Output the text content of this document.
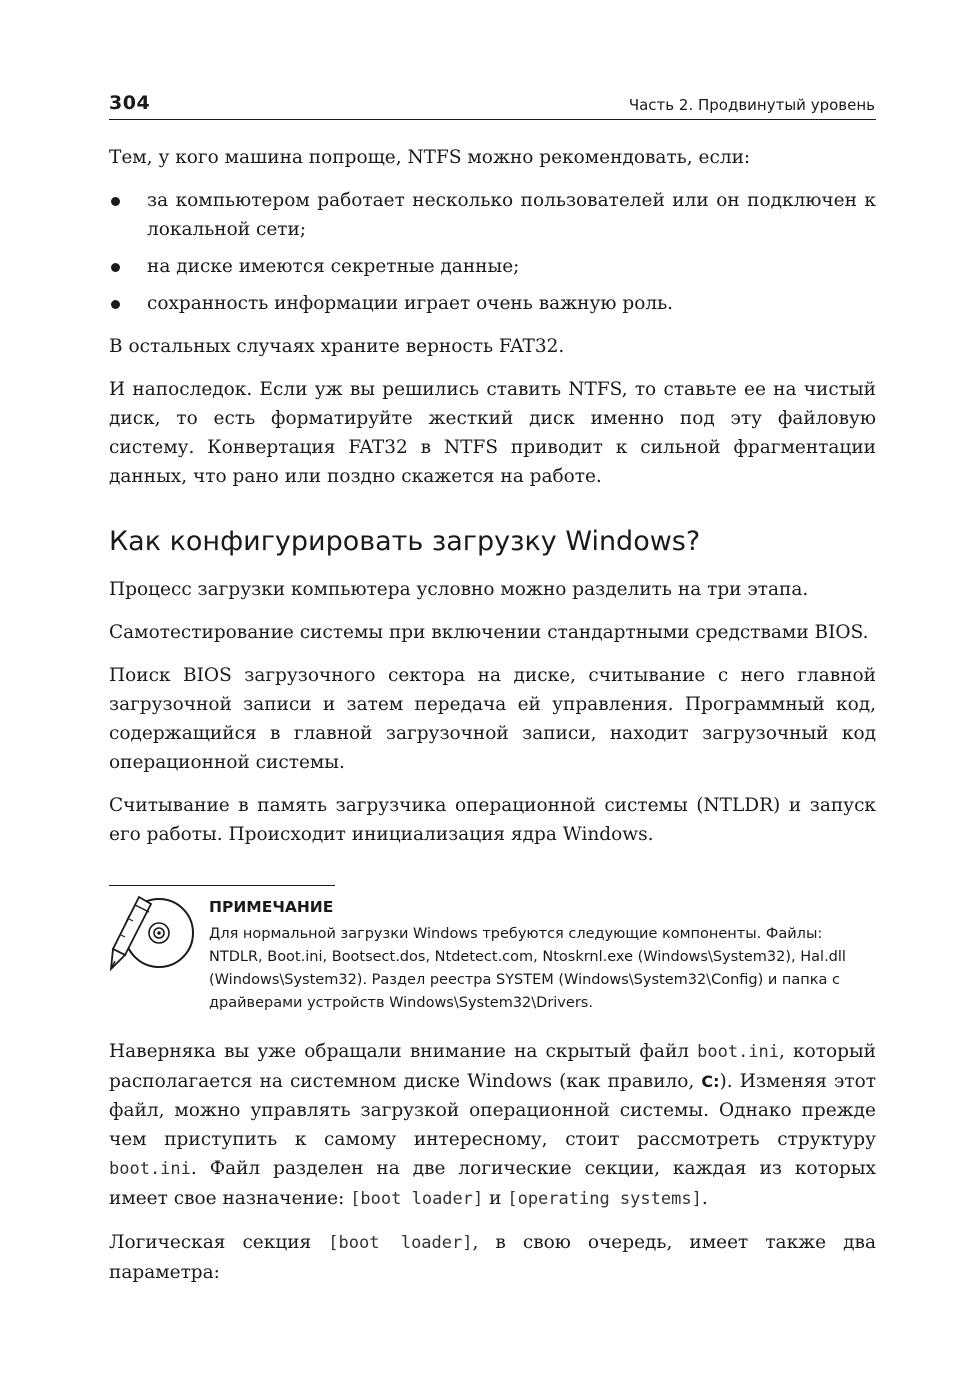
304	Часть 2. Продвинутый уровень

Тем, у кого машина попроще, NTFS можно рекомендовать, если:

за компьютером работает несколько пользователей или он подключен к локальной сети;
на диске имеются секретные данные;
сохранность информации играет очень важную роль.

В остальных случаях храните верность FAT32.

И напоследок. Если уж вы решились ставить NTFS, то ставьте ее на чистый диск, то есть форматируйте жесткий диск именно под эту файловую систему. Конвертация FAT32 в NTFS приводит к сильной фрагментации данных, что рано или поздно скажется на работе.

Как конфигурировать загрузку Windows?

Процесс загрузки компьютера условно можно разделить на три этапа.

Самотестирование системы при включении стандартными средствами BIOS.

Поиск BIOS загрузочного сектора на диске, считывание с него главной загрузочной записи и затем передача ей управления. Программный код, содержащийся в главной загрузочной записи, находит загрузочный код операционной системы.

Считывание в память загрузчика операционной системы (NTLDR) и запуск его работы. Происходит инициализация ядра Windows.

ПРИМЕЧАНИЕ
Для нормальной загрузки Windows требуются следующие компоненты. Файлы: NTDLR, Boot.ini, Bootsect.dos, Ntdetect.com, Ntoskrnl.exe (Windows\System32), Hal.dll (Windows\System32). Раздел реестра SYSTEM (Windows\System32\Config) и папка с драйверами устройств Windows\System32\Drivers.

Наверняка вы уже обращали внимание на скрытый файл boot.ini, который располагается на системном диске Windows (как правило, C:). Изменяя этот файл, можно управлять загрузкой операционной системы. Однако прежде чем приступить к самому интересному, стоит рассмотреть структуру boot.ini. Файл разделен на две логические секции, каждая из которых имеет свое назначение: [boot loader] и [operating systems].

Логическая секция [boot loader], в свою очередь, имеет также два параметра:
